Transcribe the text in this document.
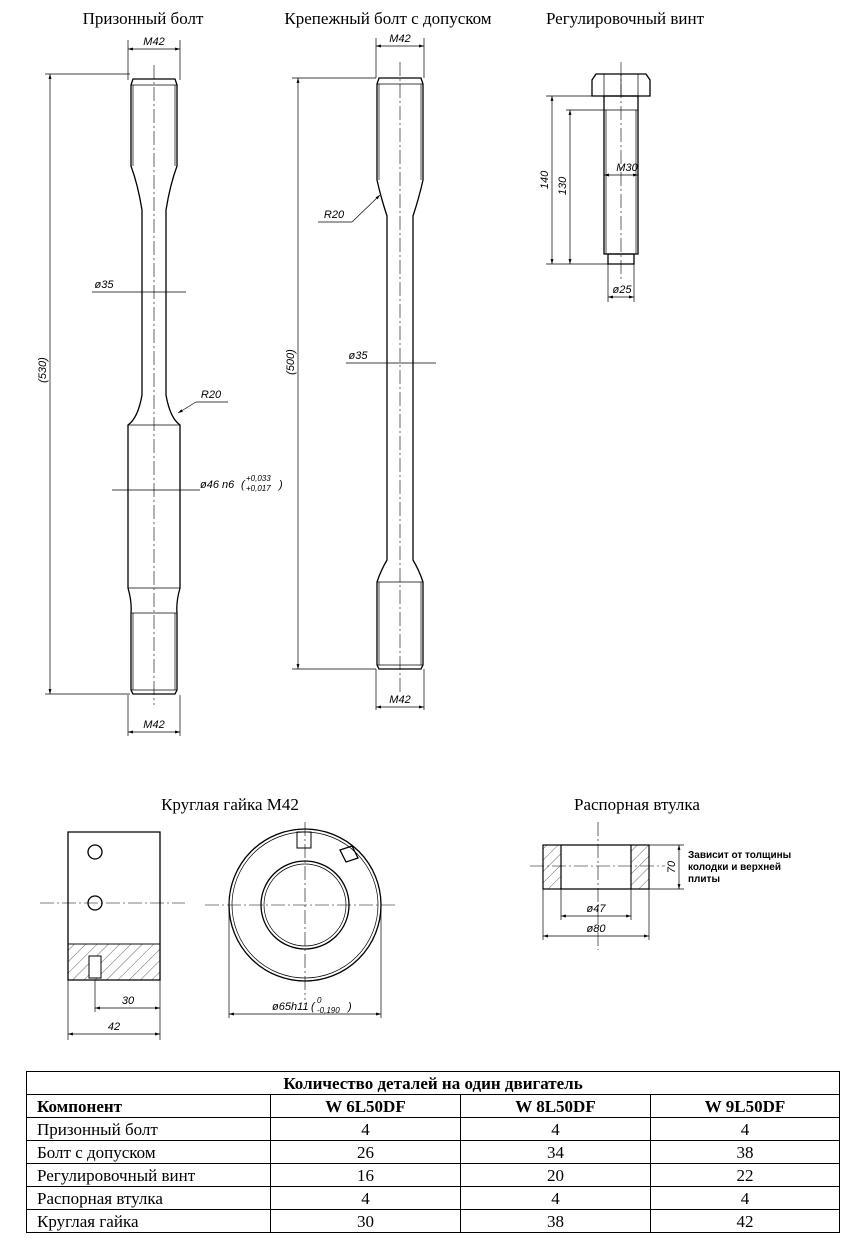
Призонный болт	Крепежный болт с допуском	Регулировочный винт
Круглая гайка М42	Распорная втулка
M42
M42
(530)
ø35
R20
ø46 n6 (
+0,033
+0,017 )
M42
M42
(500)
R20
ø35
140 130
M30
ø25
30
42
ø65h11 (
0
-0,190 )
70
ø47
ø80
Зависит от толщины
колодки и верхней
плиты
Количество деталей на один двигатель			
Компонент	W 6L50DF	W 8L50DF	W 9L50DF
Призонный болт	4	4	4
Болт с допуском	26	34	38
Регулировочный винт	16	20	22
Распорная втулка	4	4	4
Круглая гайка	30	38	42
